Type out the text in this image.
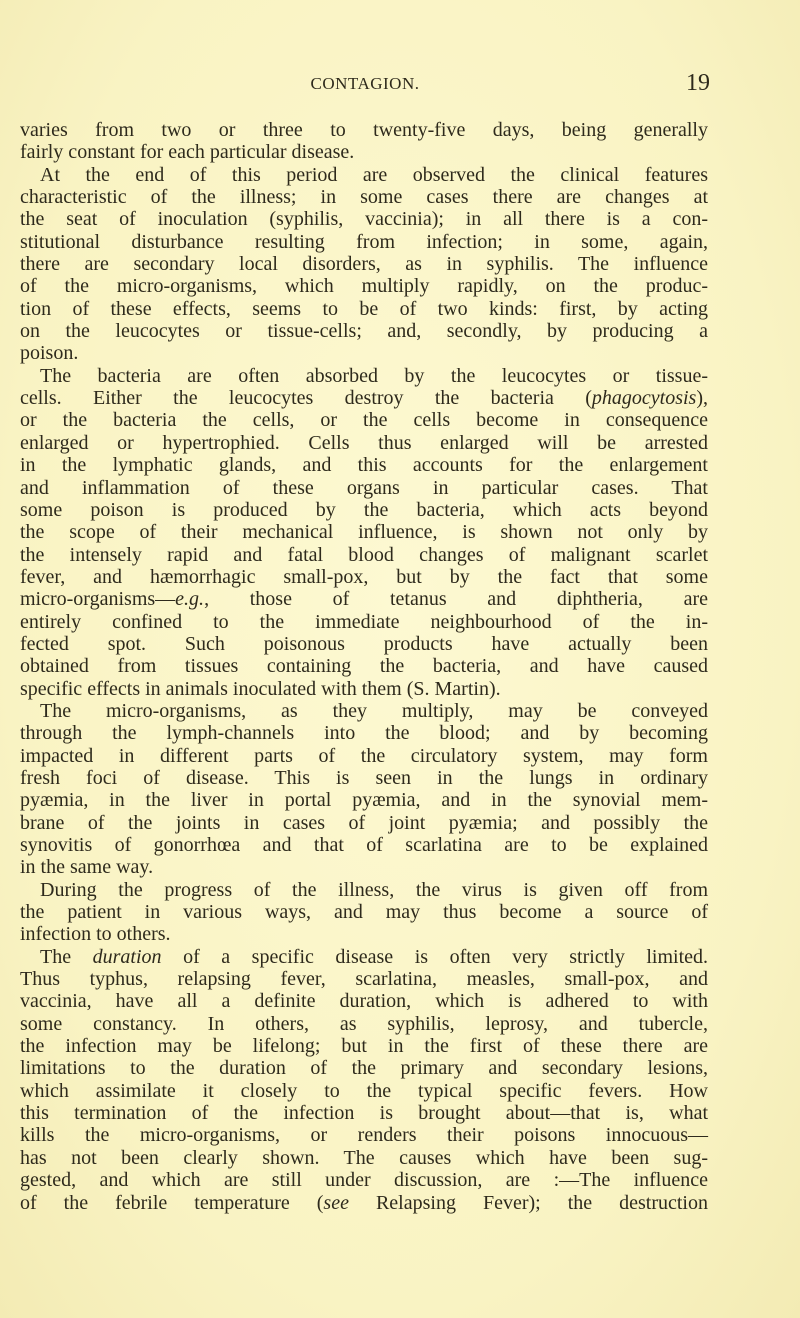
CONTAGION.	19
varies from two or three to twenty-five days, being generally
fairly constant for each particular disease.
At the end of this period are observed the clinical features
characteristic of the illness; in some cases there are changes at
the seat of inoculation (syphilis, vaccinia); in all there is a con-
stitutional disturbance resulting from infection; in some, again,
there are secondary local disorders, as in syphilis. The influence
of the micro-organisms, which multiply rapidly, on the produc-
tion of these effects, seems to be of two kinds: first, by acting
on the leucocytes or tissue-cells; and, secondly, by producing a
poison.
The bacteria are often absorbed by the leucocytes or tissue-
cells. Either the leucocytes destroy the bacteria (phagocytosis),
or the bacteria the cells, or the cells become in consequence
enlarged or hypertrophied. Cells thus enlarged will be arrested
in the lymphatic glands, and this accounts for the enlargement
and inflammation of these organs in particular cases. That
some poison is produced by the bacteria, which acts beyond
the scope of their mechanical influence, is shown not only by
the intensely rapid and fatal blood changes of malignant scarlet
fever, and hæmorrhagic small-pox, but by the fact that some
micro-organisms—e.g., those of tetanus and diphtheria, are
entirely confined to the immediate neighbourhood of the in-
fected spot. Such poisonous products have actually been
obtained from tissues containing the bacteria, and have caused
specific effects in animals inoculated with them (S. Martin).
The micro-organisms, as they multiply, may be conveyed
through the lymph-channels into the blood; and by becoming
impacted in different parts of the circulatory system, may form
fresh foci of disease. This is seen in the lungs in ordinary
pyæmia, in the liver in portal pyæmia, and in the synovial mem-
brane of the joints in cases of joint pyæmia; and possibly the
synovitis of gonorrhœa and that of scarlatina are to be explained
in the same way.
During the progress of the illness, the virus is given off from
the patient in various ways, and may thus become a source of
infection to others.
The duration of a specific disease is often very strictly limited.
Thus typhus, relapsing fever, scarlatina, measles, small-pox, and
vaccinia, have all a definite duration, which is adhered to with
some constancy. In others, as syphilis, leprosy, and tubercle,
the infection may be lifelong; but in the first of these there are
limitations to the duration of the primary and secondary lesions,
which assimilate it closely to the typical specific fevers. How
this termination of the infection is brought about—that is, what
kills the micro-organisms, or renders their poisons innocuous—
has not been clearly shown. The causes which have been sug-
gested, and which are still under discussion, are :—The influence
of the febrile temperature (see Relapsing Fever); the destruction
